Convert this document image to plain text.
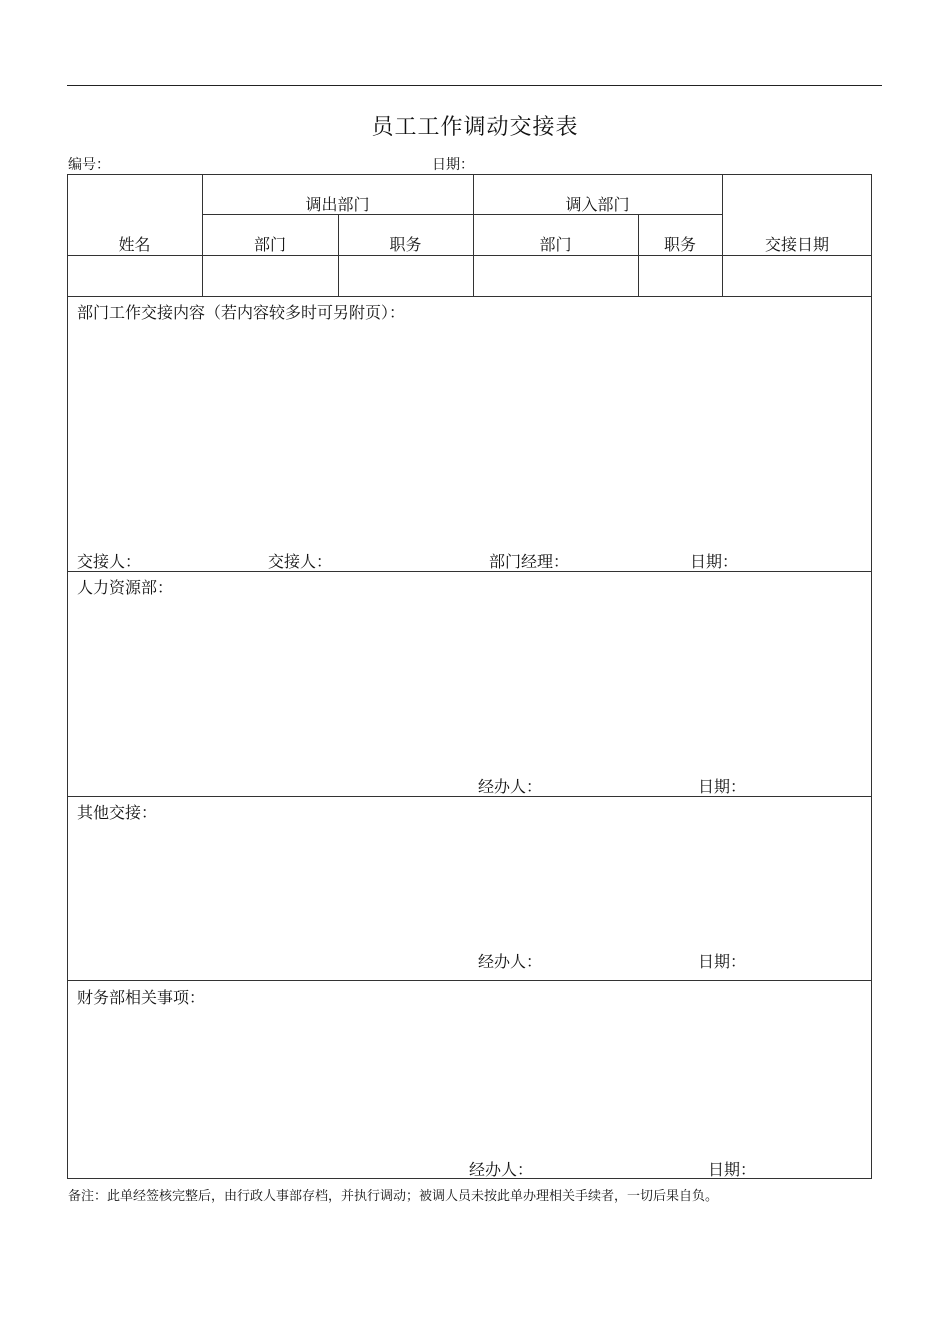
员工工作调动交接表
编号：	日期：
姓名
调出部门	调入部门
部门	职务	部门	职务	交接日期
部门工作交接内容（若内容较多时可另附页）：
交接人：	交接人：	部门经理：	日期：
人力资源部：
经办人：	日期：
其他交接：
经办人：	日期：
财务部相关事项：
经办人：	日期：
备注：此单经签核完整后，由行政人事部存档，并执行调动；被调人员未按此单办理相关手续者，一切后果自负。
